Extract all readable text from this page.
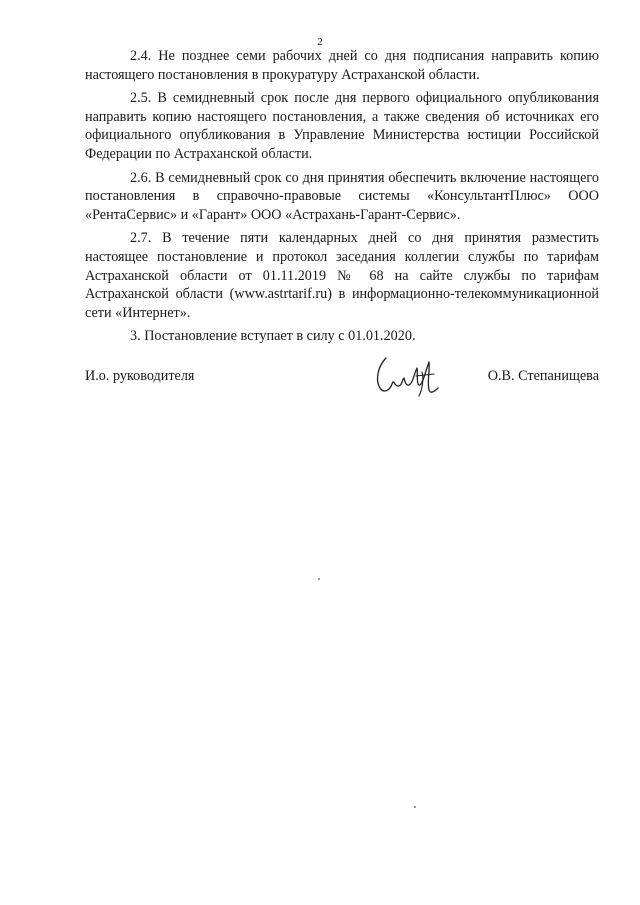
2

2.4. Не позднее семи рабочих дней со дня подписания направить копию настоящего постановления в прокуратуру Астраханской области.

2.5. В семидневный срок после дня первого официального опубликования направить копию настоящего постановления, а также сведения об источниках его официального опубликования в Управление Министерства юстиции Российской Федерации по Астраханской области.

2.6. В семидневный срок со дня принятия обеспечить включение настоящего постановления в справочно-правовые системы «КонсультантПлюс» ООО «РентаСервис» и «Гарант» ООО «Астрахань-Гарант-Сервис».

2.7. В течение пяти календарных дней со дня принятия разместить настоящее постановление и протокол заседания коллегии службы по тарифам Астраханской области от 01.11.2019 № 68 на сайте службы по тарифам Астраханской области (www.astrtarif.ru) в информационно-телекоммуникационной сети «Интернет».

3. Постановление вступает в силу с 01.01.2020.

И.о. руководителя	О.В. Степанищева
